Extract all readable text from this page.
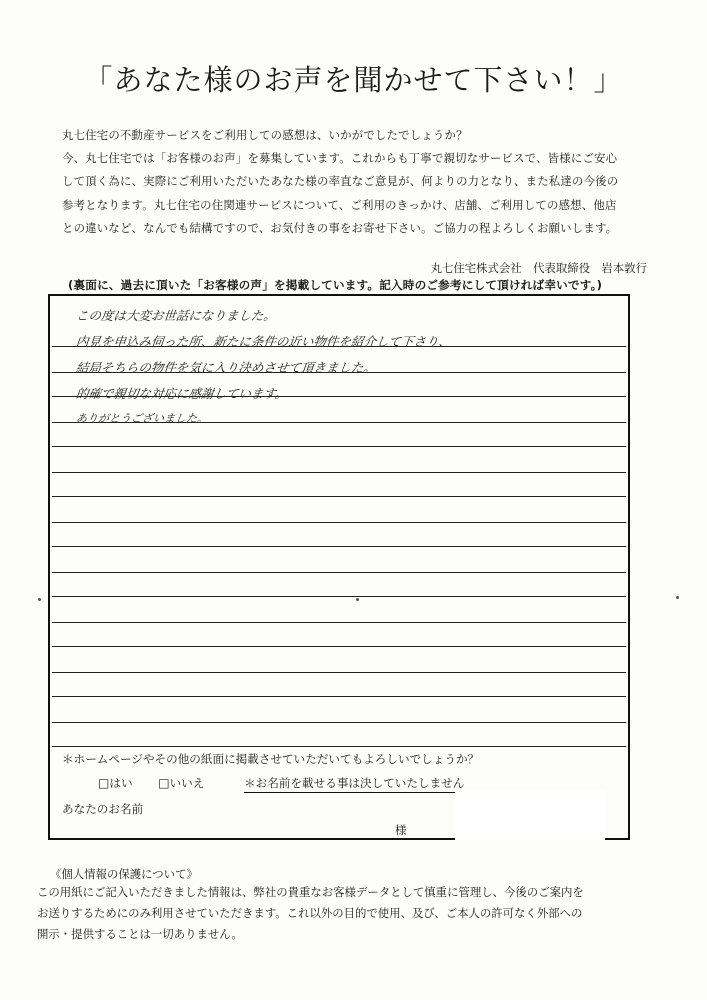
「あなた様のお声を聞かせて下さい！」

丸七住宅の不動産サービスをご利用しての感想は、いかがでしたでしょうか？

今、丸七住宅では「お客様のお声」を募集しています。これからも丁寧で親切なサービスで、皆様にご安心

して頂く為に、実際にご利用いただいたあなた様の率直なご意見が、何よりの力となり、また私達の今後の

参考となります。丸七住宅の住関連サービスについて、ご利用のきっかけ、店舗、ご利用しての感想、他店

との違いなど、なんでも結構ですので、お気付きの事をお寄せ下さい。ご協力の程よろしくお願いします。

丸七住宅株式会社　代表取締役　岩本敦行
(裏面に、過去に頂いた「お客様の声」を掲載しています。記入時のご参考にして頂ければ幸いです。)
この度は大変お世話になりました。
内見を申込み伺った所、新たに条件の近い物件を紹介して下さり、
結局そちらの物件を気に入り決めさせて頂きました。
的確で親切な対応に感謝しています。
ありがとうございました。
＊ホームページやその他の紙面に掲載させていただいてもよろしいでしょうか？
□はい □いいえ	＊お名前を載せる事は決していたしません
あなたのお名前
様
《個人情報の保護について》

この用紙にご記入いただきました情報は、弊社の貴重なお客様データとして慎重に管理し、今後のご案内を

お送りするためにのみ利用させていただきます。これ以外の目的で使用、及び、ご本人の許可なく外部への

開示・提供することは一切ありません。
